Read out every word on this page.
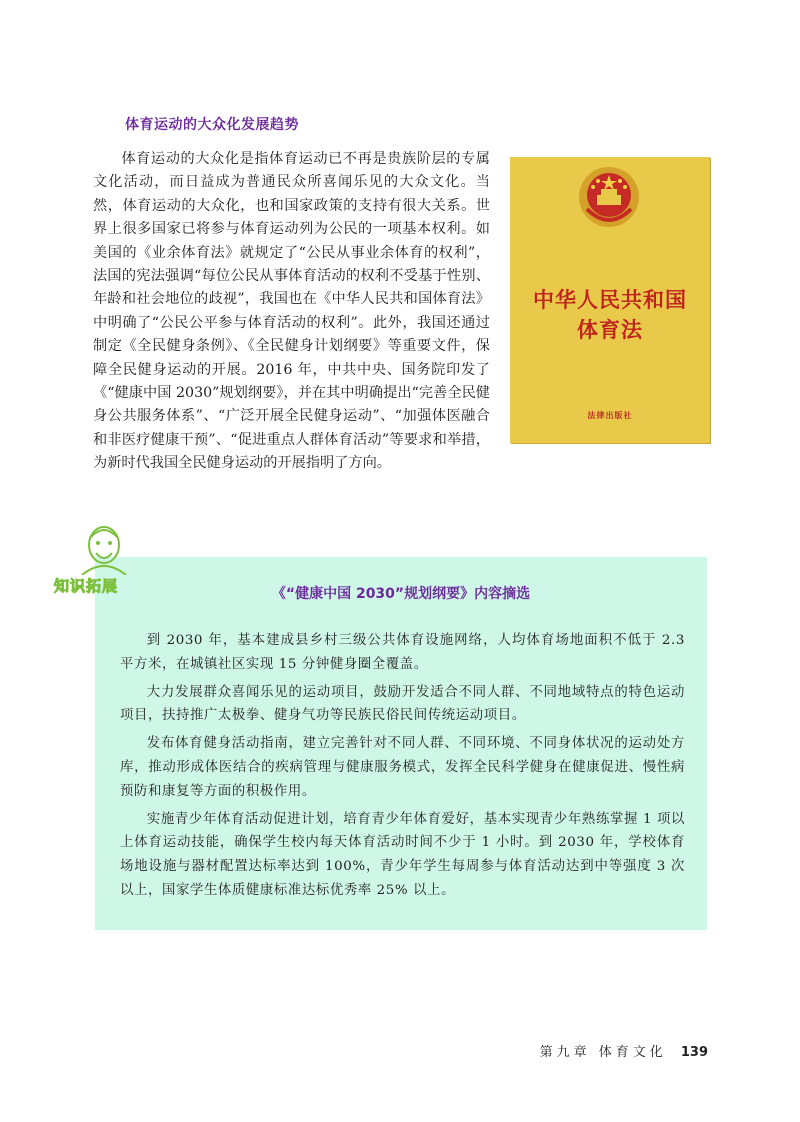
体育运动的大众化发展趋势

体育运动的大众化是指体育运动已不再是贵族阶层的专属文化活动，而日益成为普通民众所喜闻乐见的大众文化。当然，体育运动的大众化，也和国家政策的支持有很大关系。世界上很多国家已将参与体育运动列为公民的一项基本权利。如美国的《业余体育法》就规定了“公民从事业余体育的权利”，法国的宪法强调“每位公民从事体育活动的权利不受基于性别、年龄和社会地位的歧视”，我国也在《中华人民共和国体育法》中明确了“公民公平参与体育活动的权利”。此外，我国还通过制定《全民健身条例》、《全民健身计划纲要》等重要文件，保障全民健身运动的开展。2016 年，中共中央、国务院印发了《“健康中国 2030”规划纲要》，并在其中明确提出“完善全民健身公共服务体系”、“广泛开展全民健身运动”、“加强体医融合和非医疗健康干预”、“促进重点人群体育活动”等要求和举措，为新时代我国全民健身运动的开展指明了方向。

中华人民共和国
体育法
法律出版社
《“健康中国 2030”规划纲要》内容摘选

到 2030 年，基本建成县乡村三级公共体育设施网络，人均体育场地面积不低于 2.3 平方米，在城镇社区实现 15 分钟健身圈全覆盖。

大力发展群众喜闻乐见的运动项目，鼓励开发适合不同人群、不同地域特点的特色运动项目，扶持推广太极拳、健身气功等民族民俗民间传统运动项目。

发布体育健身活动指南，建立完善针对不同人群、不同环境、不同身体状况的运动处方库，推动形成体医结合的疾病管理与健康服务模式，发挥全民科学健身在健康促进、慢性病预防和康复等方面的积极作用。

实施青少年体育活动促进计划，培育青少年体育爱好，基本实现青少年熟练掌握 1 项以上体育运动技能，确保学生校内每天体育活动时间不少于 1 小时。到 2030 年，学校体育场地设施与器材配置达标率达到 100%，青少年学生每周参与体育活动达到中等强度 3 次以上，国家学生体质健康标准达标优秀率 25% 以上。

知识拓展
第九章 体育文化 139
